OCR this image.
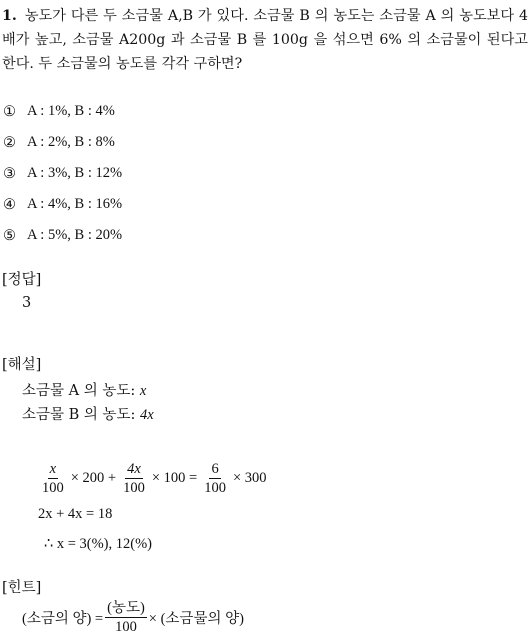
1. 농도가 다른 두 소금물 A,B 가 있다. 소금물 B 의 농도는 소금물 A 의 농도보다 4 배가 높고, 소금물 A200g 과 소금물 B 를 100g 을 섞으면 6% 의 소금물이 된다고 한다. 두 소금물의 농도를 각각 구하면?
① A : 1%, B : 4%
② A : 2%, B : 8%
③ A : 3%, B : 12%
④ A : 4%, B : 16%
⑤ A : 5%, B : 20%
[정답]
3
[해설]
소금물 A 의 농도: x
소금물 B 의 농도: 4x
$\frac{x}{100} \times 200 + \frac{4x}{100} \times 100 = \frac{6}{100} \times 300$
2x + 4x = 18
∴ x = 3(%), 12(%)
[힌트]
(소금의 양) = $\frac{\text{(농도)}}{100}$ × (소금물의 양)
